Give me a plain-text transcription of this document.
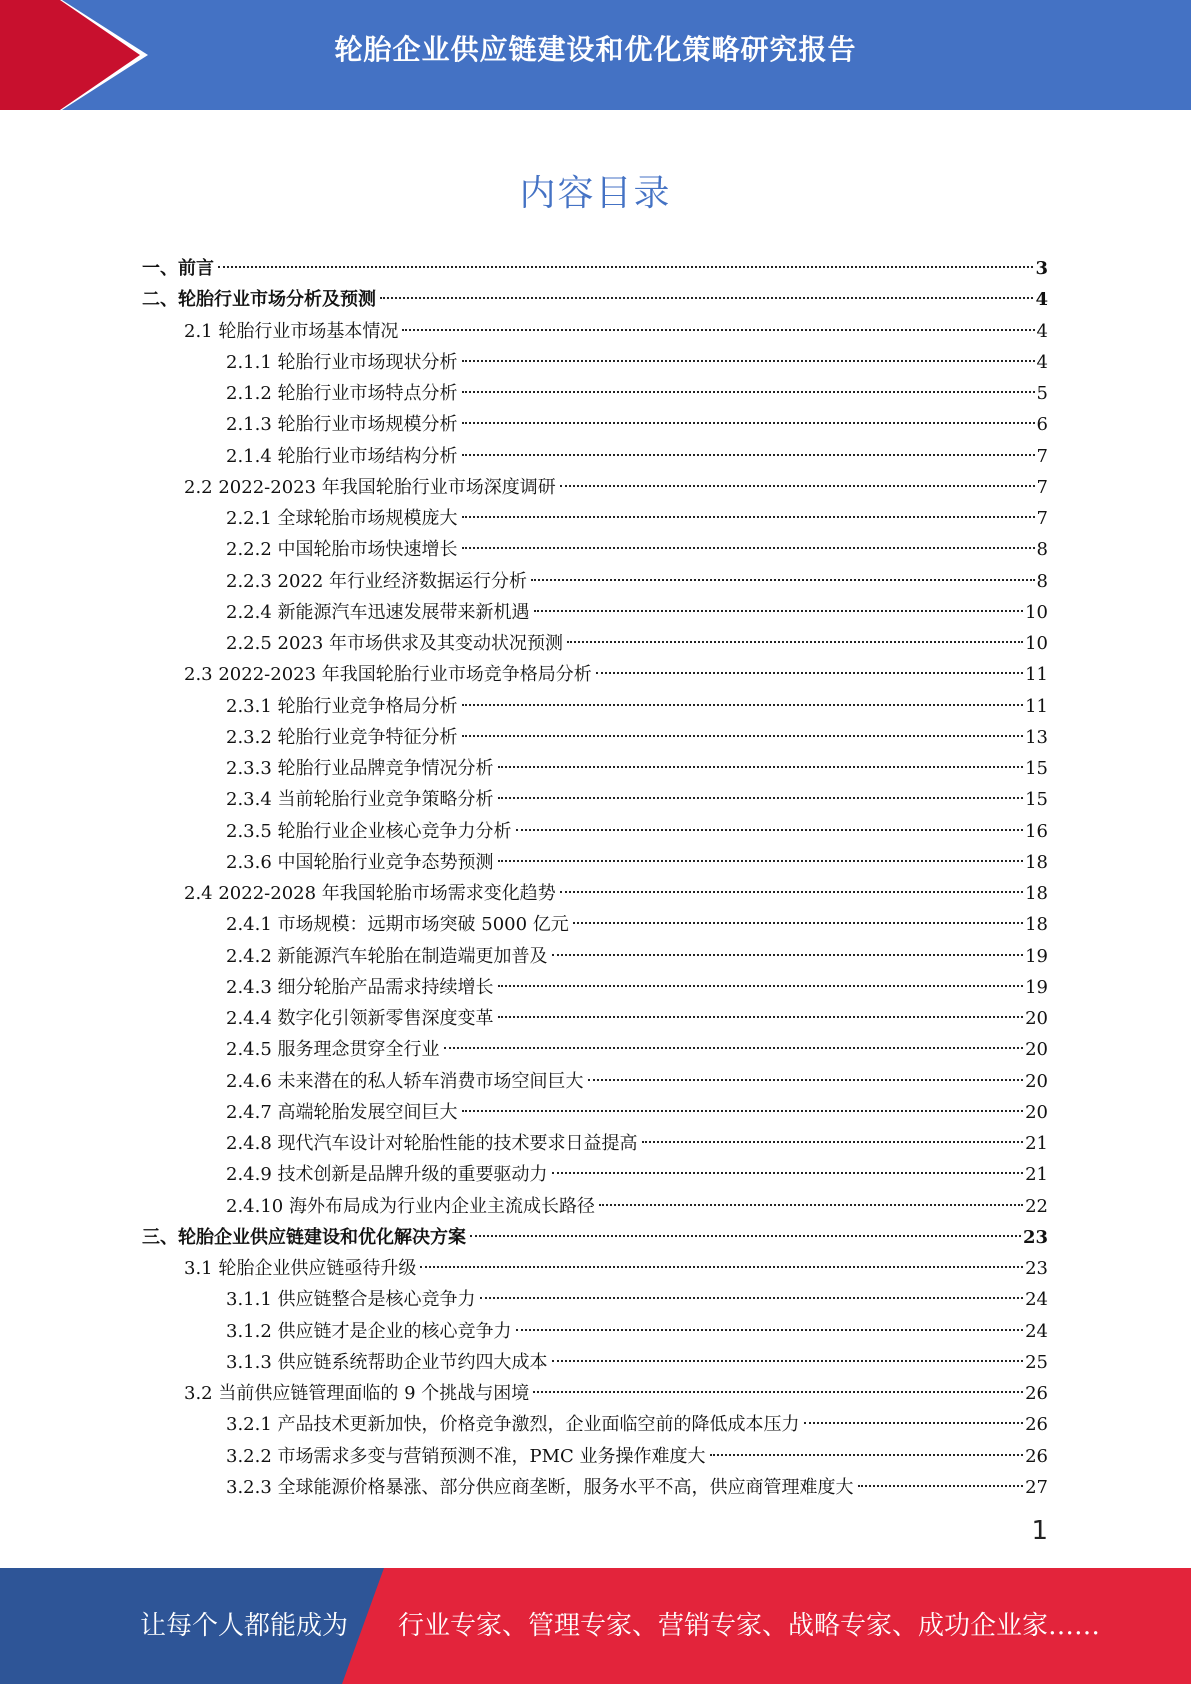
轮胎企业供应链建设和优化策略研究报告
内容目录
一、前言	3
二、轮胎行业市场分析及预测	4
2.1 轮胎行业市场基本情况	4
2.1.1 轮胎行业市场现状分析	4
2.1.2 轮胎行业市场特点分析	5
2.1.3 轮胎行业市场规模分析	6
2.1.4 轮胎行业市场结构分析	7
2.2 2022-2023 年我国轮胎行业市场深度调研	7
2.2.1 全球轮胎市场规模庞大	7
2.2.2 中国轮胎市场快速增长	8
2.2.3 2022 年行业经济数据运行分析	8
2.2.4 新能源汽车迅速发展带来新机遇	10
2.2.5 2023 年市场供求及其变动状况预测	10
2.3 2022-2023 年我国轮胎行业市场竞争格局分析	11
2.3.1 轮胎行业竞争格局分析	11
2.3.2 轮胎行业竞争特征分析	13
2.3.3 轮胎行业品牌竞争情况分析	15
2.3.4 当前轮胎行业竞争策略分析	15
2.3.5 轮胎行业企业核心竞争力分析	16
2.3.6 中国轮胎行业竞争态势预测	18
2.4 2022-2028 年我国轮胎市场需求变化趋势	18
2.4.1 市场规模：远期市场突破 5000 亿元	18
2.4.2 新能源汽车轮胎在制造端更加普及	19
2.4.3 细分轮胎产品需求持续增长	19
2.4.4 数字化引领新零售深度变革	20
2.4.5 服务理念贯穿全行业	20
2.4.6 未来潜在的私人轿车消费市场空间巨大	20
2.4.7 高端轮胎发展空间巨大	20
2.4.8 现代汽车设计对轮胎性能的技术要求日益提高	21
2.4.9 技术创新是品牌升级的重要驱动力	21
2.4.10 海外布局成为行业内企业主流成长路径	22
三、轮胎企业供应链建设和优化解决方案	23
3.1 轮胎企业供应链亟待升级	23
3.1.1 供应链整合是核心竞争力	24
3.1.2 供应链才是企业的核心竞争力	24
3.1.3 供应链系统帮助企业节约四大成本	25
3.2 当前供应链管理面临的 9 个挑战与困境	26
3.2.1 产品技术更新加快，价格竞争激烈，企业面临空前的降低成本压力	26
3.2.2 市场需求多变与营销预测不准，PMC 业务操作难度大	26
3.2.3 全球能源价格暴涨、部分供应商垄断，服务水平不高，供应商管理难度大	27
1
让每个人都能成为 行业专家、管理专家、营销专家、战略专家、成功企业家……
